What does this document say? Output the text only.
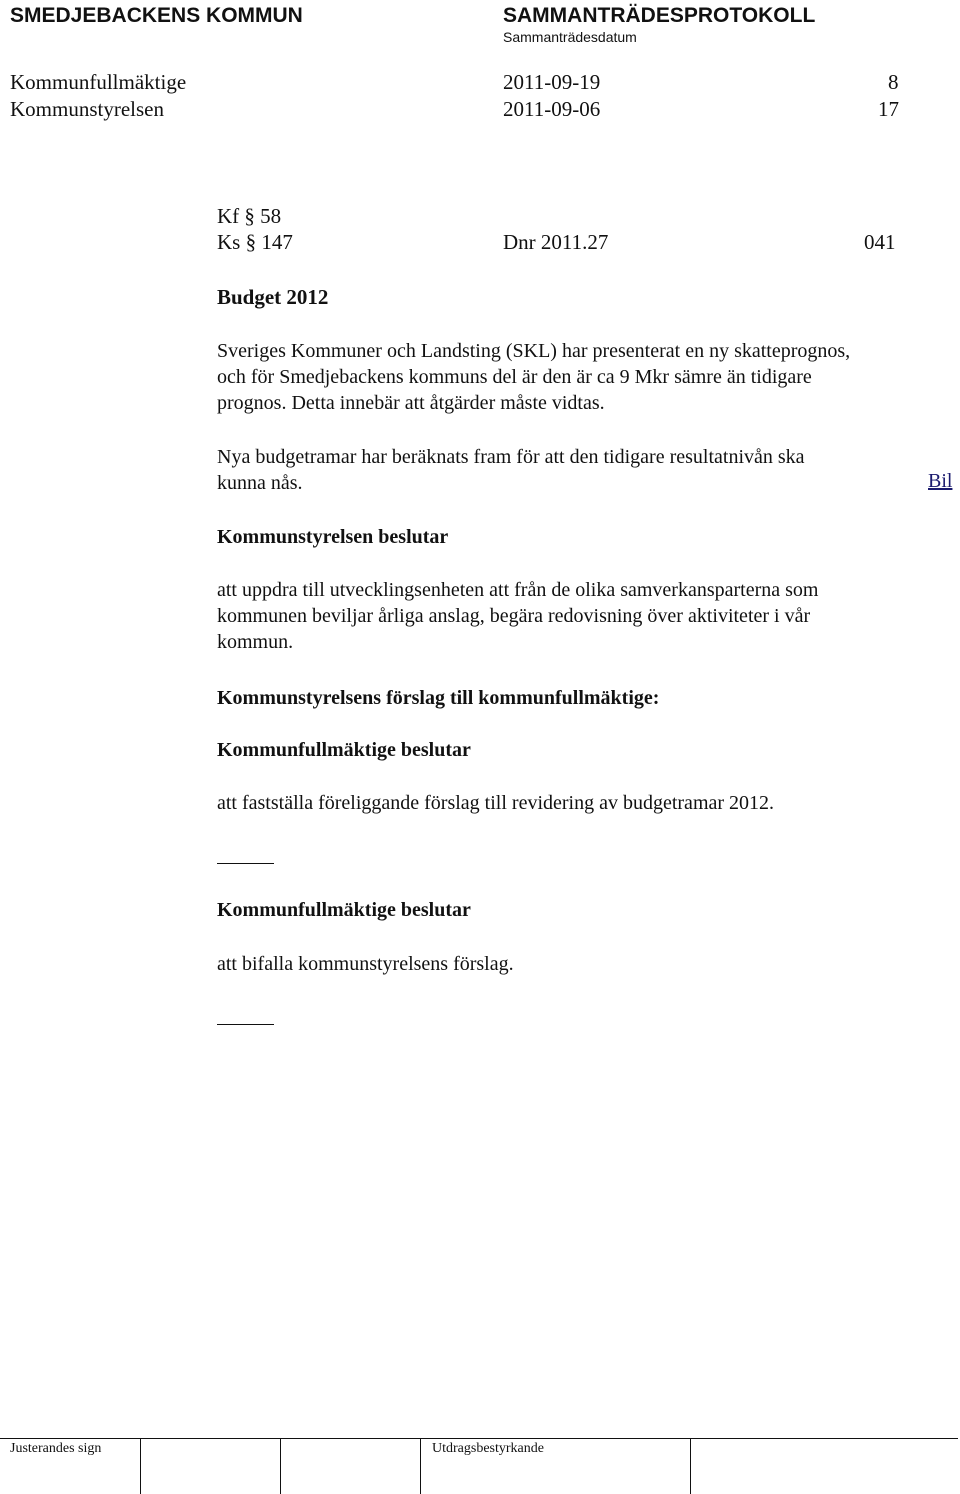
SMEDJEBACKENS KOMMUN	SAMMANTRÄDESPROTOKOLL
Sammanträdesdatum
Kommunfullmäktige	2011-09-19	8
Kommunstyrelsen	2011-09-06	17
Kf § 58
Ks § 147	Dnr 2011.27	041
Budget 2012
Sveriges Kommuner och Landsting (SKL) har presenterat en ny skatteprognos,
och för Smedjebackens kommuns del är den är ca 9 Mkr sämre än tidigare
prognos. Detta innebär att åtgärder måste vidtas.
Nya budgetramar har beräknats fram för att den tidigare resultatnivån ska
kunna nås.	Bil
Kommunstyrelsen beslutar
att uppdra till utvecklingsenheten att från de olika samverkansparterna som
kommunen beviljar årliga anslag, begära redovisning över aktiviteter i vår
kommun.
Kommunstyrelsens förslag till kommunfullmäktige:
Kommunfullmäktige beslutar
att fastställa föreliggande förslag till revidering av budgetramar 2012.
Kommunfullmäktige beslutar
att bifalla kommunstyrelsens förslag.
Justerandes sign	Utdragsbestyrkande
